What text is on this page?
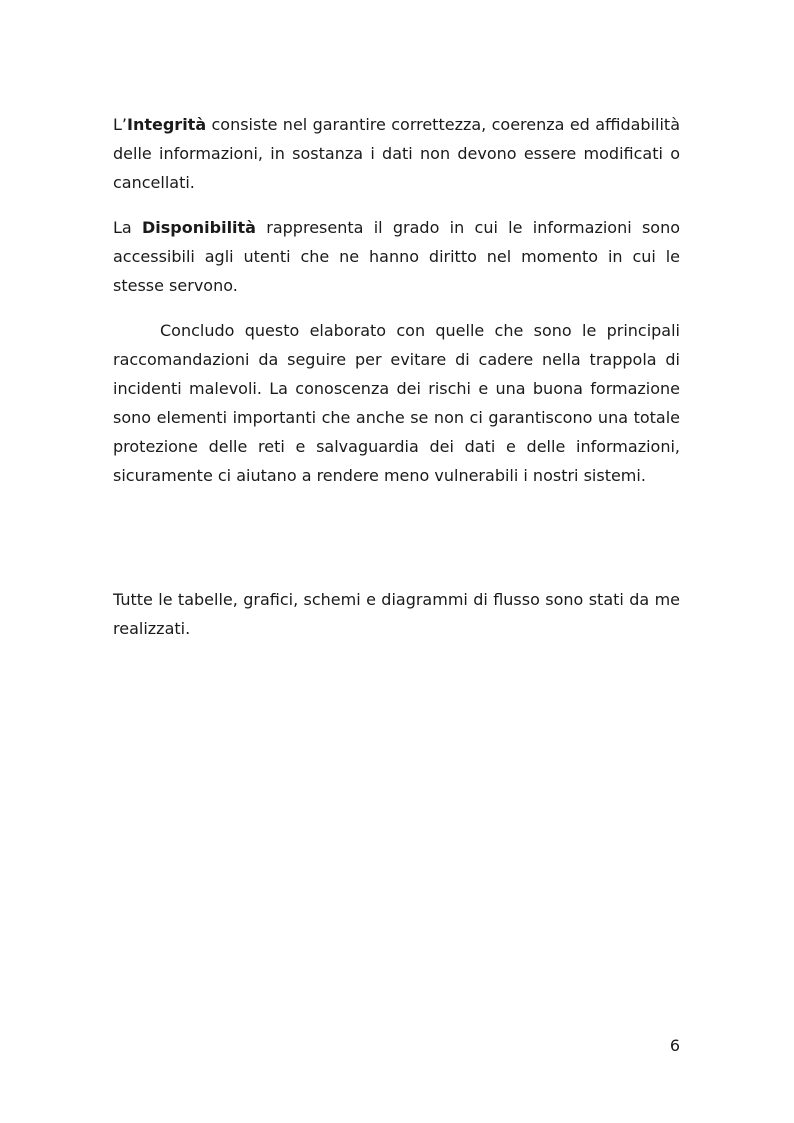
L’Integrità consiste nel garantire correttezza, coerenza ed affidabilità delle informazioni, in sostanza i dati non devono essere modificati o cancellati.

La Disponibilità rappresenta il grado in cui le informazioni sono accessibili agli utenti che ne hanno diritto nel momento in cui le stesse servono.

Concludo questo elaborato con quelle che sono le principali raccomandazioni da seguire per evitare di cadere nella trappola di incidenti malevoli. La conoscenza dei rischi e una buona formazione sono elementi importanti che anche se non ci garantiscono una totale protezione delle reti e salvaguardia dei dati e delle informazioni, sicuramente ci aiutano a rendere meno vulnerabili i nostri sistemi.

Tutte le tabelle, grafici, schemi e diagrammi di flusso sono stati da me realizzati.

6
